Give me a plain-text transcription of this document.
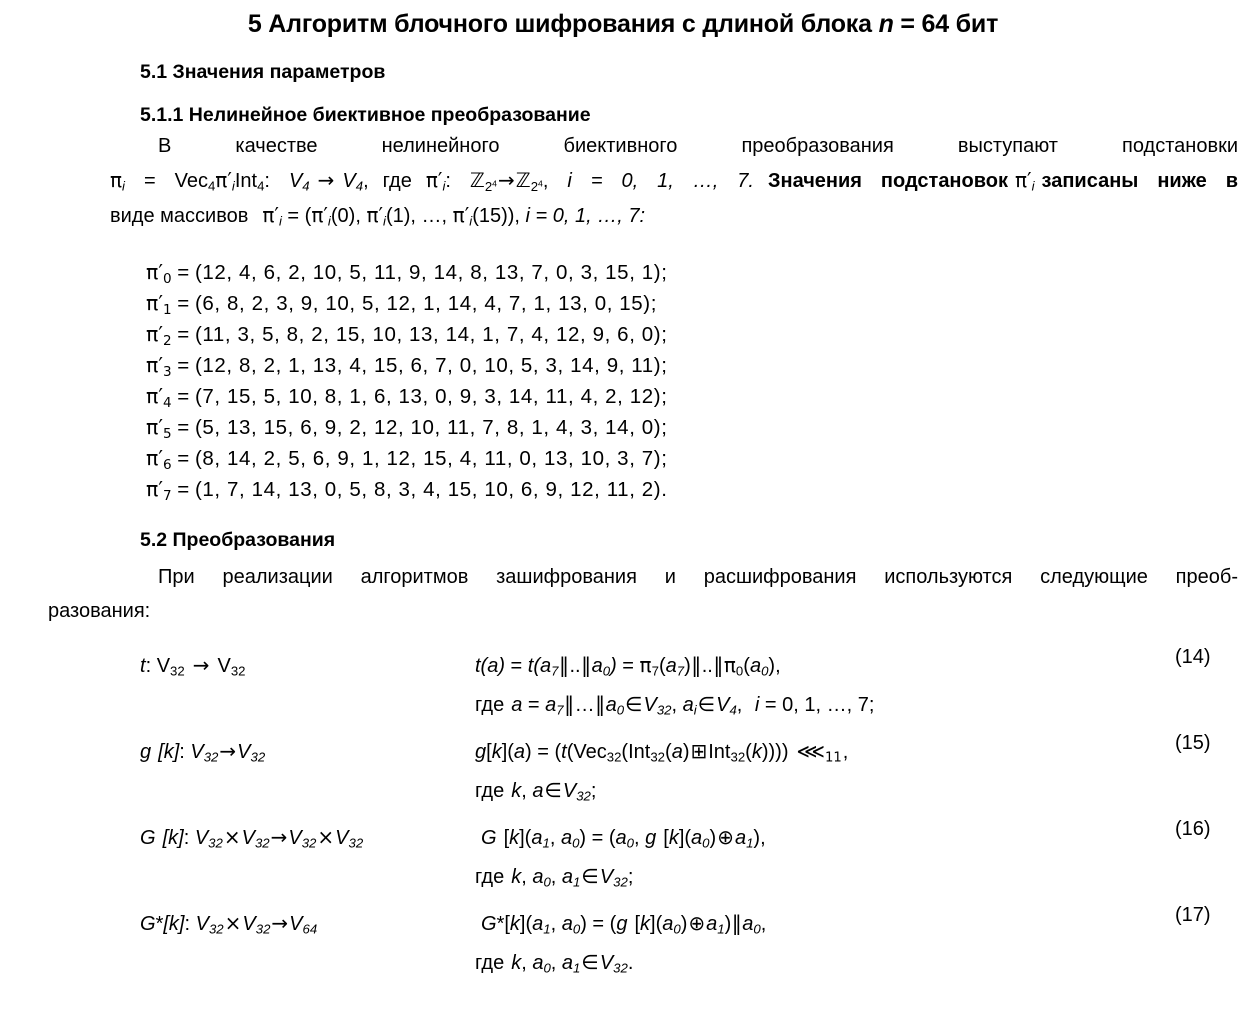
5 Алгоритм блочного шифрования с длиной блока n = 64 бит
5.1 Значения параметров
5.1.1 Нелинейное биективное преобразование
В качестве нелинейного биективного преобразования выступают подстановки
$\pi_i = Vec_4\pi'_iInt_4$: $V_4 \to V_4$, где $\pi'_i$: ℤ$_{2^4}$→ℤ$_{2^4}$, i = 0, 1, …, 7. Значения подстановок $\pi'_i$ записаны ниже в
виде массивов $\pi'_i = (\pi'_i(0)$, $\pi'_i(1)$, …, $\pi'_i(15)$), i = 0, 1, …, 7:
$\pi'_0 = (12$, 4, 6, 2, 10, 5, 11, 9, 14, 8, 13, 7, 0, 3, 15, 1);
$\pi'_1 = (6$, 8, 2, 3, 9, 10, 5, 12, 1, 14, 4, 7, 1, 13, 0, 15);
$\pi'_2 = (11$, 3, 5, 8, 2, 15, 10, 13, 14, 1, 7, 4, 12, 9, 6, 0);
$\pi'_3 = (12$, 8, 2, 1, 13, 4, 15, 6, 7, 0, 10, 5, 3, 14, 9, 11);
$\pi'_4 = (7$, 15, 5, 10, 8, 1, 6, 13, 0, 9, 3, 14, 11, 4, 2, 12);
$\pi'_5 = (5$, 13, 15, 6, 9, 2, 12, 10, 11, 7, 8, 1, 4, 3, 14, 0);
$\pi'_6 = (8$, 14, 2, 5, 6, 9, 1, 12, 15, 4, 11, 0, 13, 10, 3, 7);
$\pi'_7 = (1$, 7, 14, 13, 0, 5, 8, 3, 4, 15, 10, 6, 9, 12, 11, 2).
5.2 Преобразования
При реализации алгоритмов зашифрования и расшифрования используются следующие преоб-
разования:
t: $V_{32} \to V_{32}$	$t(a) = t(a_7‖..‖a_0)$ = $\pi_7(a_7)‖..‖\pi_0(a_0)$,	(14)
где $a = a_7‖\dots‖a_0\in V_{32}$, $a_i\in V_4$, i = 0, 1, …, 7;
g [k]: $V_{32}\to V_{32}$	g[k](a) = (t(Vec$_{32}$(Int$_{32}$(a)⊞Int$_{32}$(k)))) $⋘_{11}$,	(15)
где k, $a\in V_{32}$;
G [k]: $V_{32}\times V_{32}\to V_{32}\times V_{32}$	G $[k](a_1$, $a_0) = (a_0$, g $[k](a_0)\oplus a_1$),	(16)
где k, $a_0$, $a_1\in V_{32}$;
G*[k]: $V_{32}\times V_{32}\to V_{64}$	$G*[k](a_1$, $a_0) = (g$ $[k](a_0)\oplus a_1)‖a_0$,	(17)
где k, $a_0$, $a_1\in V_{32}$.
